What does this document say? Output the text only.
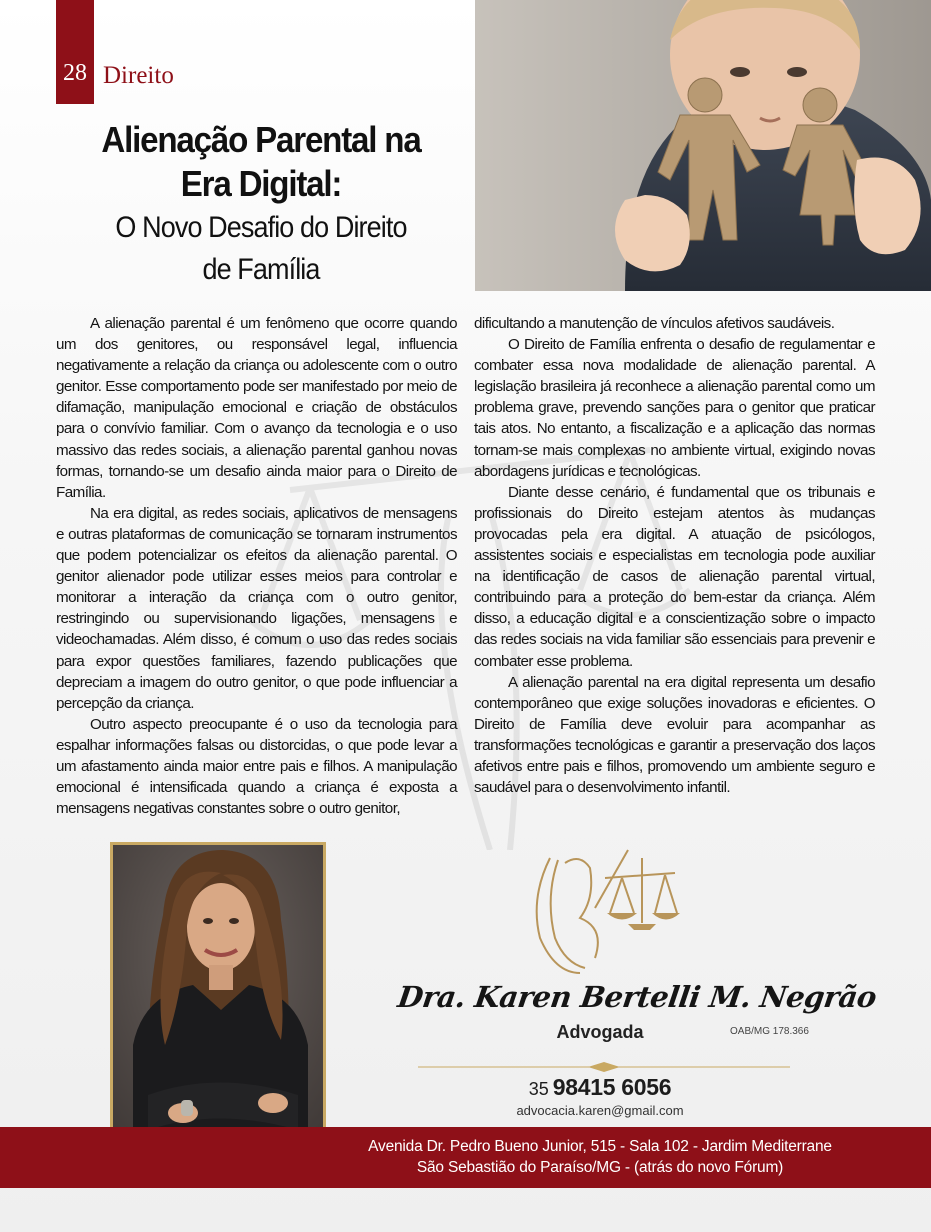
28 Direito
Alienação Parental na
Era Digital:
O Novo Desafio do Direito
de Família

A alienação parental é um fenômeno que ocorre quando um dos genitores, ou responsável legal, influencia negativamente a relação da criança ou adolescente com o outro genitor. Esse comportamento pode ser manifestado por meio de difamação, manipulação emocional e criação de obstáculos para o convívio familiar. Com o avanço da tecnologia e o uso massivo das redes sociais, a alienação parental ganhou novas formas, tornando-se um desafio ainda maior para o Direito de Família.

Na era digital, as redes sociais, aplicativos de mensagens e outras plataformas de comunicação se tornaram instrumentos que podem potencializar os efeitos da alienação parental. O genitor alienador pode utilizar esses meios para controlar e monitorar a interação da criança com o outro genitor, restringindo ou supervisionando ligações, mensagens e videochamadas. Além disso, é comum o uso das redes sociais para expor questões familiares, fazendo publicações que depreciam a imagem do outro genitor, o que pode influenciar a percepção da criança.

Outro aspecto preocupante é o uso da tecnologia para espalhar informações falsas ou distorcidas, o que pode levar a um afastamento ainda maior entre pais e filhos. A manipulação emocional é intensificada quando a criança é exposta a mensagens negativas constantes sobre o outro genitor,

dificultando a manutenção de vínculos afetivos saudáveis.

O Direito de Família enfrenta o desafio de regulamentar e combater essa nova modalidade de alienação parental. A legislação brasileira já reconhece a alienação parental como um problema grave, prevendo sanções para o genitor que praticar tais atos. No entanto, a fiscalização e a aplicação das normas tornam-se mais complexas no ambiente virtual, exigindo novas abordagens jurídicas e tecnológicas.

Diante desse cenário, é fundamental que os tribunais e profissionais do Direito estejam atentos às mudanças provocadas pela era digital. A atuação de psicólogos, assistentes sociais e especialistas em tecnologia pode auxiliar na identificação de casos de alienação parental virtual, contribuindo para a proteção do bem-estar da criança. Além disso, a educação digital e a conscientização sobre o impacto das redes sociais na vida familiar são essenciais para prevenir e combater esse problema.

A alienação parental na era digital representa um desafio contemporâneo que exige soluções inovadoras e eficientes. O Direito de Família deve evoluir para acompanhar as transformações tecnológicas e garantir a preservação dos laços afetivos entre pais e filhos, promovendo um ambiente seguro e saudável para o desenvolvimento infantil.

Dra. Karen Bertelli M. Negrão
Advogada	OAB/MG 178.366
35 98415 6056
advocacia.karen@gmail.com
Avenida Dr. Pedro Bueno Junior, 515 - Sala 102 - Jardim Mediterrane
São Sebastião do Paraíso/MG - (atrás do novo Fórum)
